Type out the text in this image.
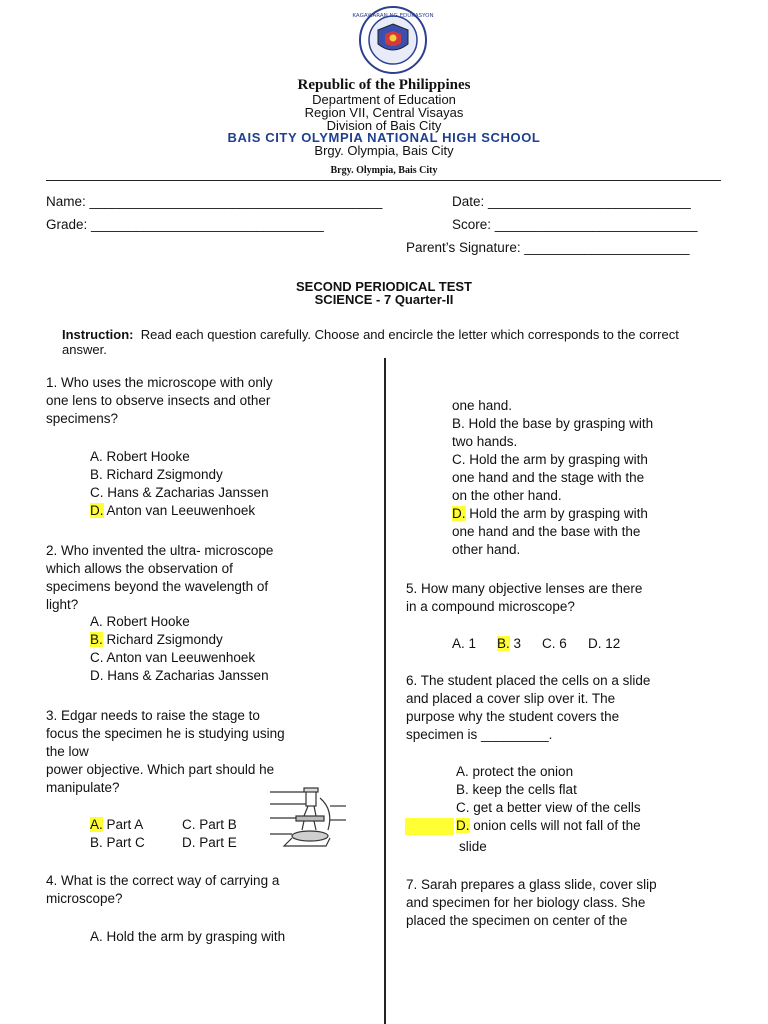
KAGAWARAN NG EDUKASYON
Republic of the Philippines
Department of Education
Region VII, Central Visayas
Division of Bais City
BAIS CITY OLYMPIA NATIONAL HIGH SCHOOL
Brgy. Olympia, Bais City
Brgy. Olympia, Bais City
Name: _______________________________________	Date: ___________________________
Grade: _______________________________	Score: ___________________________
Parent’s Signature: ______________________
SECOND PERIODICAL TEST
SCIENCE - 7 Quarter-II
Instruction: Read each question carefully. Choose and encircle the letter which corresponds to the correct answer.

1. Who uses the microscope with only

one lens to observe insects and other

specimens?

A. Robert Hooke

B. Richard Zsigmondy

C. Hans & Zacharias Janssen

D. Anton van Leeuwenhoek

2. Who invented the ultra- microscope

which allows the observation of

specimens beyond the wavelength of

light?

A. Robert Hooke

B. Richard Zsigmondy

C. Anton van Leeuwenhoek

D. Hans & Zacharias Janssen

3. Edgar needs to raise the stage to

focus the specimen he is studying using

the low

power objective. Which part should he

manipulate?

A. Part A	C. Part B
B. Part C	D. Part E

4. What is the correct way of carrying a

microscope?

A. Hold the arm by grasping with

one hand.

B. Hold the base by grasping with

two hands.

C. Hold the arm by grasping with

one hand and the stage with the

on the other hand.

D. Hold the arm by grasping with

one hand and the base with the

other hand.

5. How many objective lenses are there

in a compound microscope?

A. 1	B. 3	C. 6	D. 12

6. The student placed the cells on a slide

and placed a cover slip over it. The

purpose why the student covers the

specimen is _________.

A. protect the onion

B. keep the cells flat

C. get a better view of the cells

D. onion cells will not fall of the

slide

7. Sarah prepares a glass slide, cover slip

and specimen for her biology class. She

placed the specimen on center of the
